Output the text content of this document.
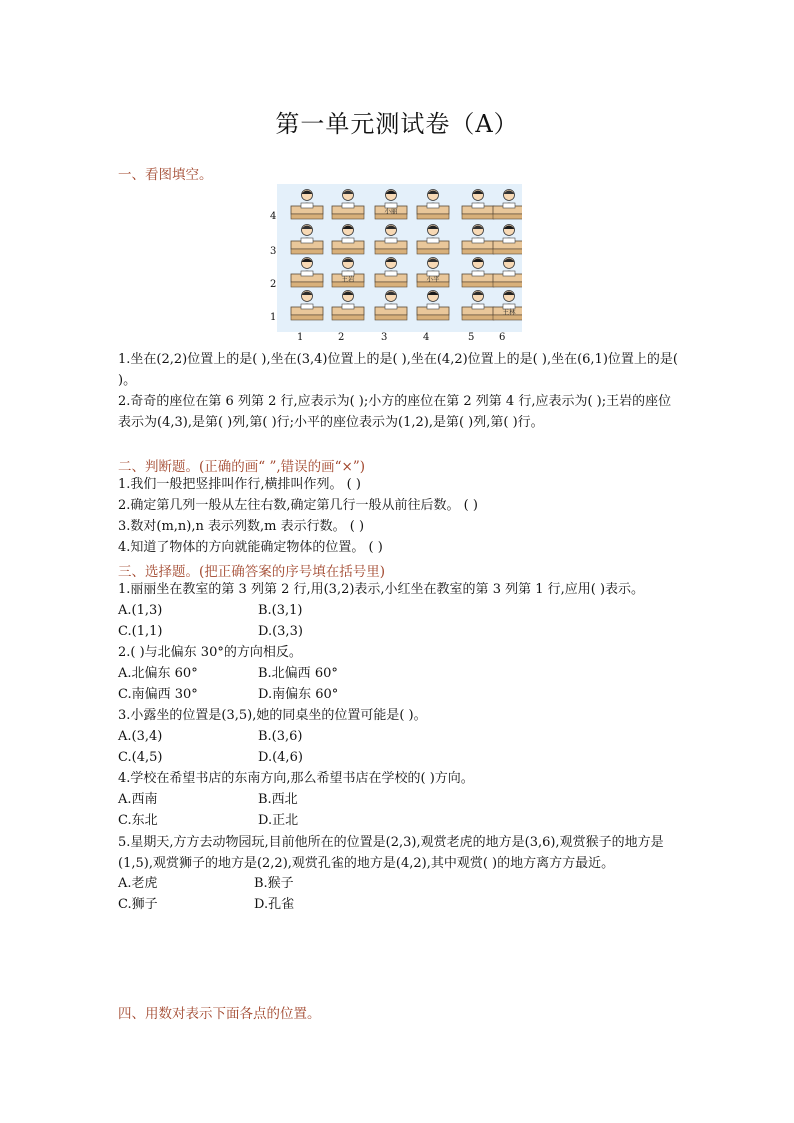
第一单元测试卷（A）
一、看图填空。
小丽
王岩	小平
王林
4
3
2
1
1	2	3	4	5 6
1.坐在(2,2)位置上的是( ),坐在(3,4)位置上的是( ),坐在(4,2)位置上的是( ),坐在(6,1)位置上的是( )。
2.奇奇的座位在第 6 列第 2 行,应表示为( );小方的座位在第 2 列第 4 行,应表示为( );王岩的座位表示为(4,3),是第( )列,第( )行;小平的座位表示为(1,2),是第( )列,第( )行。
二、判断题。(正确的画“ ”,错误的画“×”)
1.我们一般把竖排叫作行,横排叫作列。 ( )
2.确定第几列一般从左往右数,确定第几行一般从前往后数。 ( )
3.数对(m,n),n 表示列数,m 表示行数。 ( )
4.知道了物体的方向就能确定物体的位置。 ( )
三、选择题。(把正确答案的序号填在括号里)
1.丽丽坐在教室的第 3 列第 2 行,用(3,2)表示,小红坐在教室的第 3 列第 1 行,应用( )表示。
A.(1,3)	B.(3,1)
C.(1,1)	D.(3,3)
2.( )与北偏东 30°的方向相反。
A.北偏东 60°	B.北偏西 60°
C.南偏西 30°	D.南偏东 60°
3.小露坐的位置是(3,5),她的同桌坐的位置可能是( )。
A.(3,4)	B.(3,6)
C.(4,5)	D.(4,6)
4.学校在希望书店的东南方向,那么希望书店在学校的( )方向。
A.西南	B.西北
C.东北	D.正北
5.星期天,方方去动物园玩,目前他所在的位置是(2,3),观赏老虎的地方是(3,6),观赏猴子的地方是(1,5),观赏狮子的地方是(2,2),观赏孔雀的地方是(4,2),其中观赏( )的地方离方方最近。
A.老虎	B.猴子
C.狮子	D.孔雀
四、用数对表示下面各点的位置。
